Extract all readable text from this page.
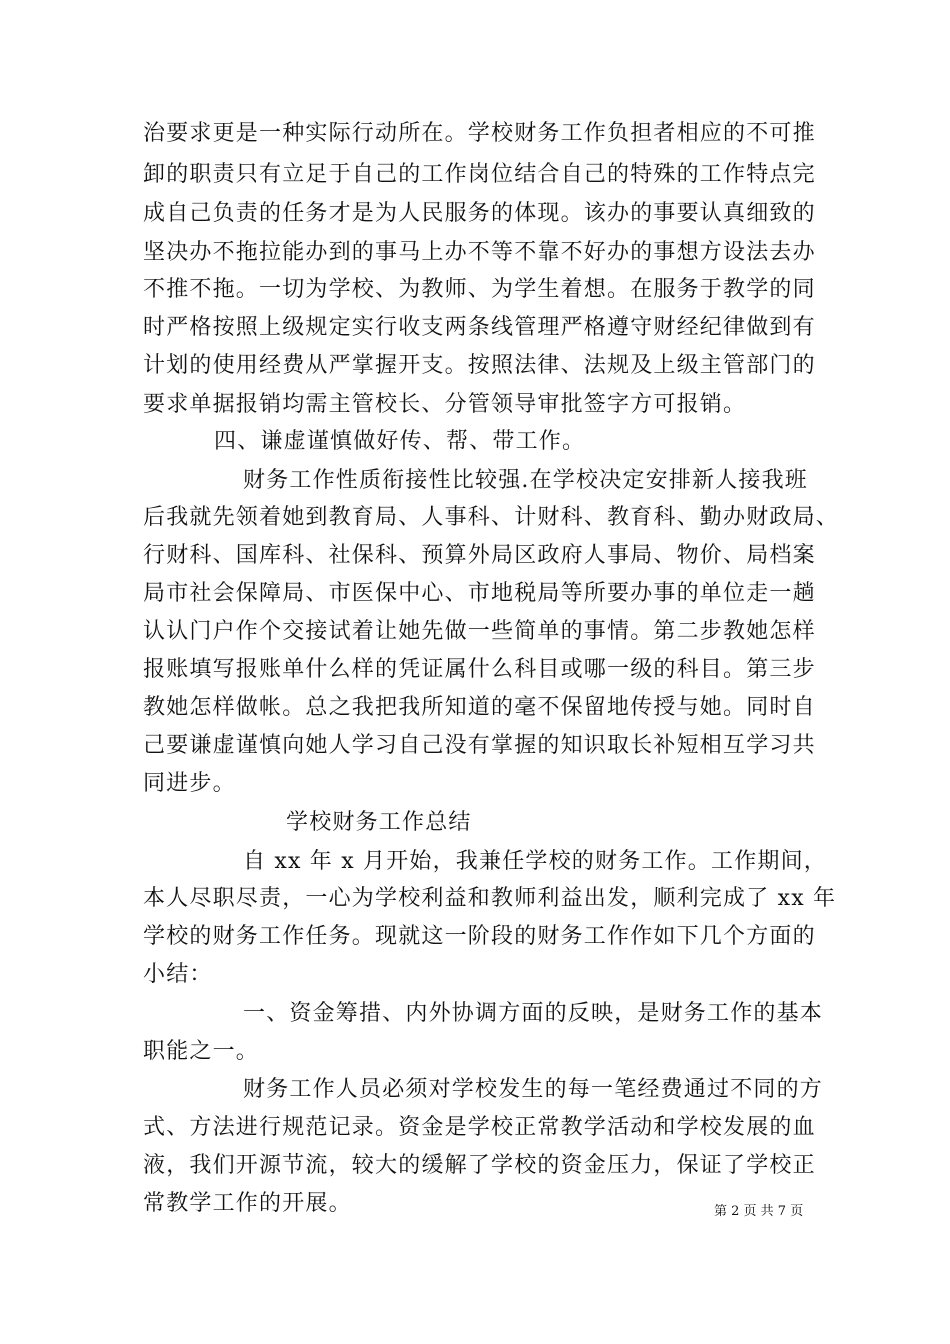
治要求更是一种实际行动所在。学校财务工作负担者相应的不可推
卸的职责只有立足于自己的工作岗位结合自己的特殊的工作特点完
成自己负责的任务才是为人民服务的体现。该办的事要认真细致的
坚决办不拖拉能办到的事马上办不等不靠不好办的事想方设法去办
不推不拖。一切为学校、为教师、为学生着想。在服务于教学的同
时严格按照上级规定实行收支两条线管理严格遵守财经纪律做到有
计划的使用经费从严掌握开支。按照法律、法规及上级主管部门的
要求单据报销均需主管校长、分管领导审批签字方可报销。
四、谦虚谨慎做好传、帮、带工作。
财务工作性质衔接性比较强.在学校决定安排新人接我班
后我就先领着她到教育局、人事科、计财科、教育科、勤办财政局、
行财科、国库科、社保科、预算外局区政府人事局、物价、局档案
局市社会保障局、市医保中心、市地税局等所要办事的单位走一趟
认认门户作个交接试着让她先做一些简单的事情。第二步教她怎样
报账填写报账单什么样的凭证属什么科目或哪一级的科目。第三步
教她怎样做帐。总之我把我所知道的毫不保留地传授与她。同时自
己要谦虚谨慎向她人学习自己没有掌握的知识取长补短相互学习共
同进步。
学校财务工作总结
自 xx 年 x 月开始，我兼任学校的财务工作。工作期间，
本人尽职尽责，一心为学校利益和教师利益出发，顺利完成了 xx 年
学校的财务工作任务。现就这一阶段的财务工作作如下几个方面的
小结：
一、资金筹措、内外协调方面的反映，是财务工作的基本
职能之一。
财务工作人员必须对学校发生的每一笔经费通过不同的方
式、方法进行规范记录。资金是学校正常教学活动和学校发展的血
液，我们开源节流，较大的缓解了学校的资金压力，保证了学校正
常教学工作的开展。	第 2 页 共 7 页
